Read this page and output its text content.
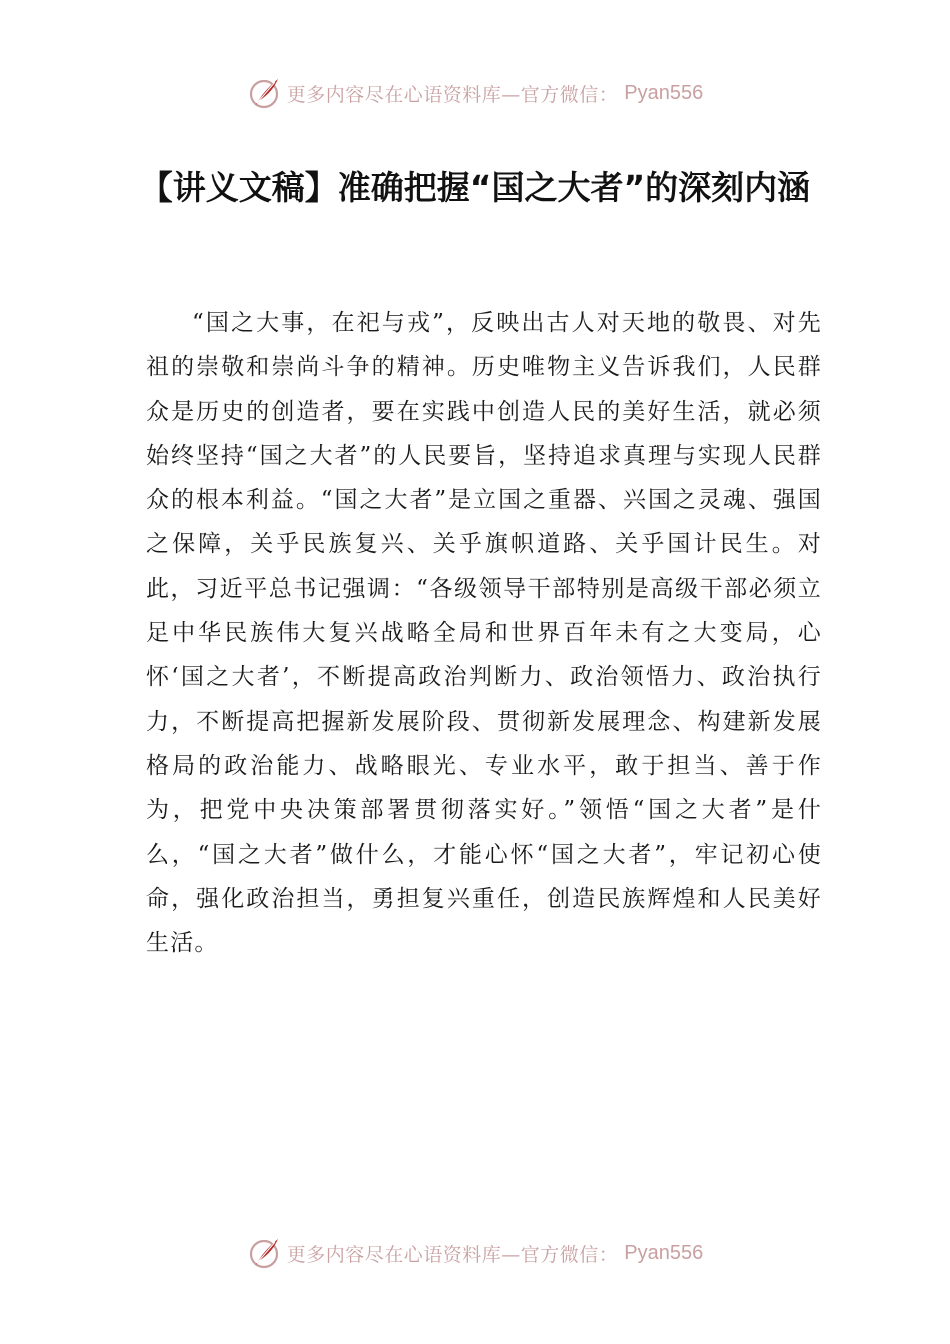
更多内容尽在心语资料库—官方微信： Pyan556
【讲义文稿】准确把握“国之大者”的深刻内涵

“国之大事，在祀与戎”，反映出古人对天地的敬畏、对先祖的崇敬和崇尚斗争的精神。历史唯物主义告诉我们，人民群众是历史的创造者，要在实践中创造人民的美好生活，就必须始终坚持“国之大者”的人民要旨，坚持追求真理与实现人民群众的根本利益。“国之大者”是立国之重器、兴国之灵魂、强国之保障，关乎民族复兴、关乎旗帜道路、关乎国计民生。对此，习近平总书记强调：“各级领导干部特别是高级干部必须立足中华民族伟大复兴战略全局和世界百年未有之大变局，心怀‘国之大者’，不断提高政治判断力、政治领悟力、政治执行力，不断提高把握新发展阶段、贯彻新发展理念、构建新发展格局的政治能力、战略眼光、专业水平，敢于担当、善于作为，把党中央决策部署贯彻落实好。”领悟“国之大者”是什么，“国之大者”做什么，才能心怀“国之大者”，牢记初心使命，强化政治担当，勇担复兴重任，创造民族辉煌和人民美好生活。

更多内容尽在心语资料库—官方微信： Pyan556
